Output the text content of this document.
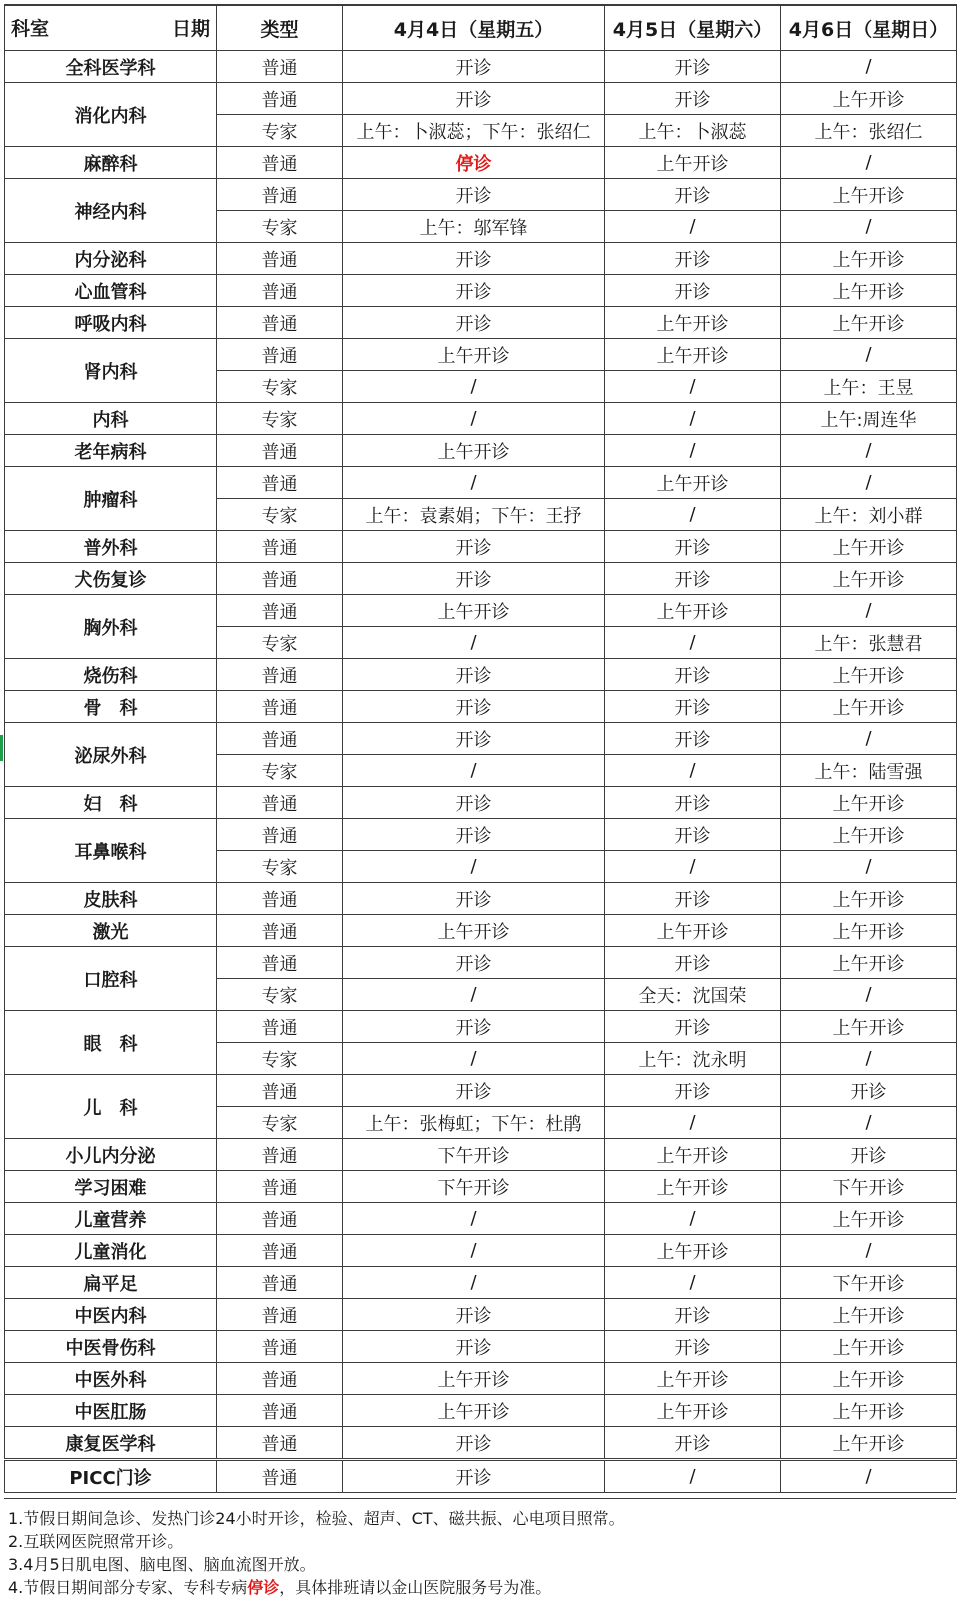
科室 日期	类型	4月4日（星期五）	4月5日（星期六）	4月6日（星期日）
全科医学科	普通	开诊	开诊	/
消化内科	普通	开诊	开诊	上午开诊
	专家	上午：卜淑蕊；下午：张绍仁	上午：卜淑蕊	上午：张绍仁
麻醉科	普通	停诊	上午开诊	/
神经内科	普通	开诊	开诊	上午开诊
	专家	上午：邬军锋	/	/
内分泌科	普通	开诊	开诊	上午开诊
心血管科	普通	开诊	开诊	上午开诊
呼吸内科	普通	开诊	上午开诊	上午开诊
肾内科	普通	上午开诊	上午开诊	/
	专家	/	/	上午：王昱
内科	专家	/	/	上午:周连华
老年病科	普通	上午开诊	/	/
肿瘤科	普通	/	上午开诊	/
	专家	上午：袁素娟；下午：王抒	/	上午：刘小群
普外科	普通	开诊	开诊	上午开诊
犬伤复诊	普通	开诊	开诊	上午开诊
胸外科	普通	上午开诊	上午开诊	/
	专家	/	/	上午：张慧君
烧伤科	普通	开诊	开诊	上午开诊
骨　科	普通	开诊	开诊	上午开诊
泌尿外科	普通	开诊	开诊	/
	专家	/	/	上午：陆雪强
妇　科	普通	开诊	开诊	上午开诊
耳鼻喉科	普通	开诊	开诊	上午开诊
	专家	/	/	/
皮肤科	普通	开诊	开诊	上午开诊
激光	普通	上午开诊	上午开诊	上午开诊
口腔科	普通	开诊	开诊	上午开诊
	专家	/	全天：沈国荣	/
眼　科	普通	开诊	开诊	上午开诊
	专家	/	上午：沈永明	/
儿　科	普通	开诊	开诊	开诊
	专家	上午：张梅虹；下午：杜鹃	/	/
小儿内分泌	普通	下午开诊	上午开诊	开诊
学习困难	普通	下午开诊	上午开诊	下午开诊
儿童营养	普通	/	/	上午开诊
儿童消化	普通	/	上午开诊	/
扁平足	普通	/	/	下午开诊
中医内科	普通	开诊	开诊	上午开诊
中医骨伤科	普通	开诊	开诊	上午开诊
中医外科	普通	上午开诊	上午开诊	上午开诊
中医肛肠	普通	上午开诊	上午开诊	上午开诊
康复医学科	普通	开诊	开诊	上午开诊
PICC门诊	普通	开诊	/	/
1.节假日期间急诊、发热门诊24小时开诊，检验、超声、CT、磁共振、心电项目照常。
2.互联网医院照常开诊。
3.4月5日肌电图、脑电图、脑血流图开放。
4.节假日期间部分专家、专科专病停诊，具体排班请以金山医院服务号为准。
